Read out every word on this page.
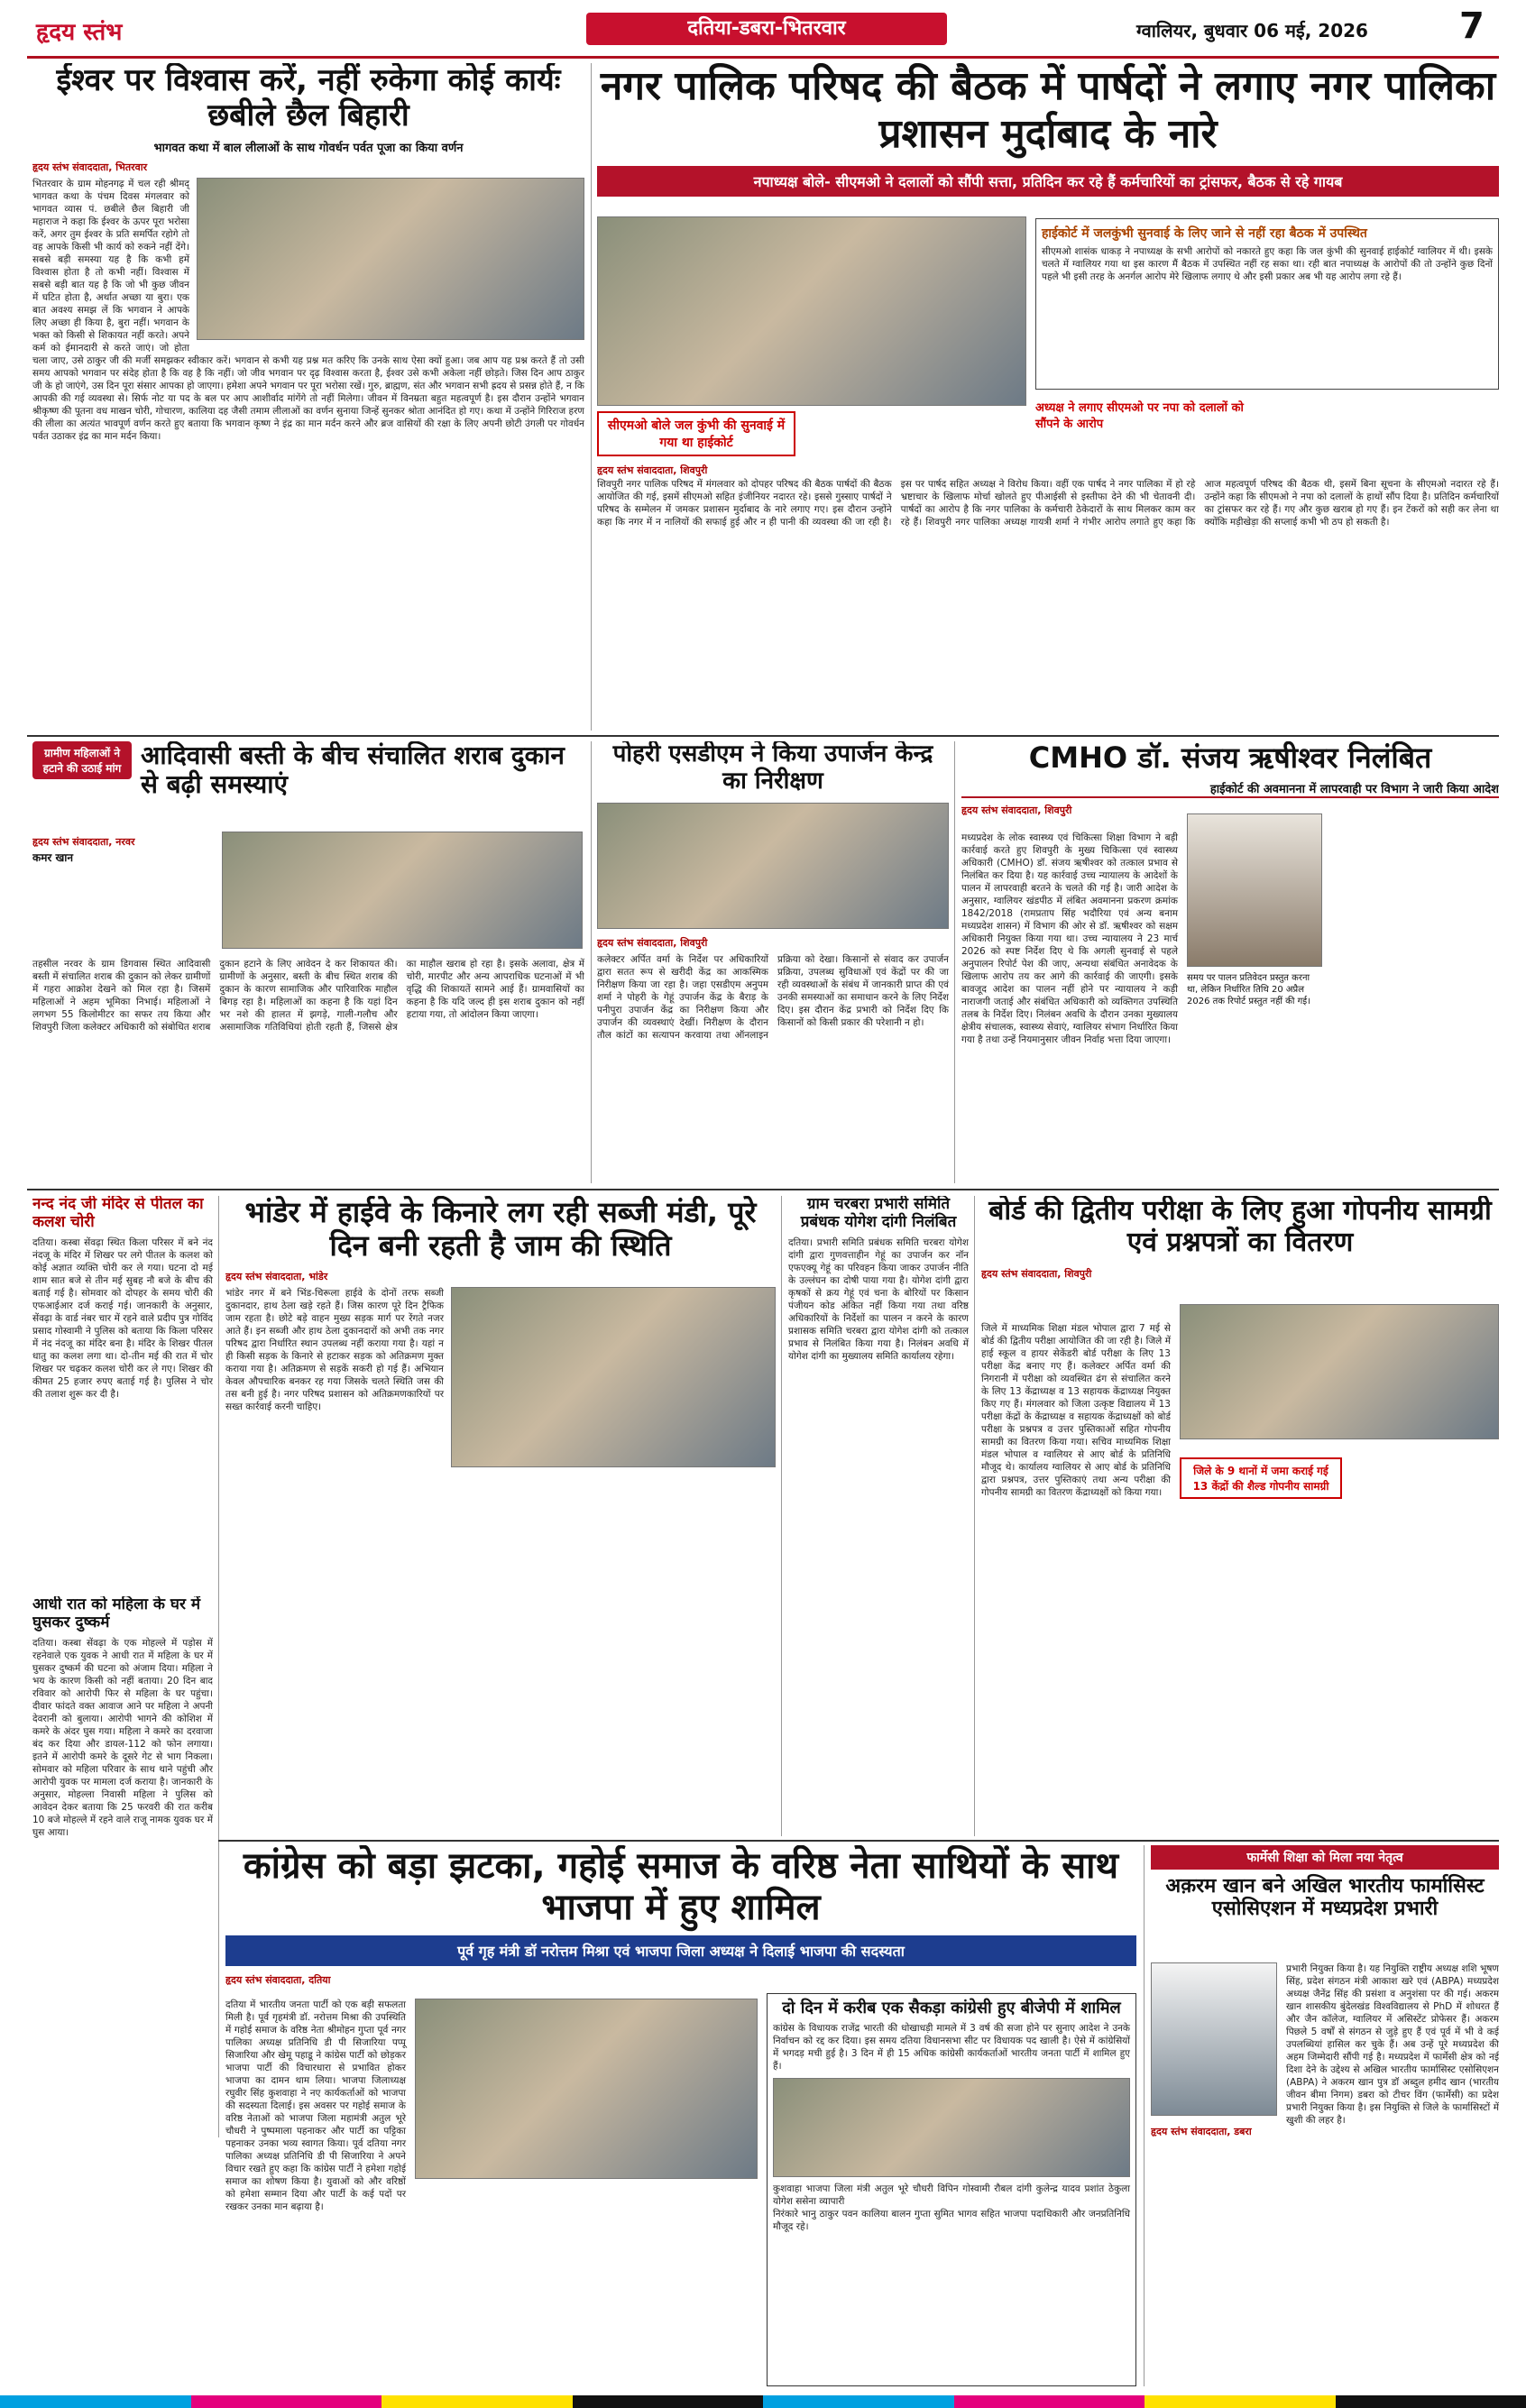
हृदय स्तंभ	दतिया-डबरा-भितरवार	ग्वालियर, बुधवार 06 मई, 2026	7
ईश्वर पर विश्वास करें, नहीं रुकेगा कोई कार्यः छबीले छैल बिहारी
भागवत कथा में बाल लीलाओं के साथ गोवर्धन पर्वत पूजा का किया वर्णन
हृदय स्तंभ संवाददाता, भितरवार
भितरवार के ग्राम मोहनगढ़ में चल रही श्रीमद् भागवत कथा के पंचम दिवस मंगलवार को भागवत व्यास पं. छबीले छैल बिहारी जी महाराज ने कहा कि ईश्वर के ऊपर पूरा भरोसा करें, अगर तुम ईश्वर के प्रति समर्पित रहोगे तो वह आपके किसी भी कार्य को रुकने नहीं देंगे। सबसे बड़ी समस्या यह है कि कभी हमें विश्वास होता है तो कभी नहीं। विश्वास में सबसे बड़ी बात यह है कि जो भी कुछ जीवन में घटित होता है, अर्थात अच्छा या बुरा। एक बात अवश्य समझ लें कि भगवान ने आपके लिए अच्छा ही किया है, बुरा नहीं। भगवान के भक्त को किसी से शिकायत नहीं करते। अपने कर्म को ईमानदारी से करते जाएं। जो होता चला जाए, उसे ठाकुर जी की मर्जी समझकर स्वीकार करें। भगवान से कभी यह प्रश्न मत करिए कि उनके साथ ऐसा क्यों हुआ। जब आप यह प्रश्न करते हैं तो उसी समय आपको भगवान पर संदेह होता है कि वह है कि नहीं। जो जीव भगवान पर दृढ़ विश्वास करता है, ईश्वर उसे कभी अकेला नहीं छोड़ते। जिस दिन आप ठाकुर जी के हो जाएंगे, उस दिन पूरा संसार आपका हो जाएगा। हमेशा अपने भगवान पर पूरा भरोसा रखें। गुरु, ब्राह्मण, संत और भगवान सभी ह्रदय से प्रसन्न होते हैं, न कि आपकी की गई व्यवस्था से। सिर्फ नोट या पद के बल पर आप आशीर्वाद मांगेंगे तो नहीं मिलेगा। जीवन में विनम्रता बहुत महत्वपूर्ण है। इस दौरान उन्होंने भगवान श्रीकृष्ण की पूतना वध माखन चोरी, गोचारण, कालिया दह जैसी तमाम लीलाओं का वर्णन सुनाया जिन्हें सुनकर श्रोता आनंदित हो गए। कथा में उन्होंने गिरिराज हरण की लीला का अत्यंत भावपूर्ण वर्णन करते हुए बताया कि भगवान कृष्ण ने इंद्र का मान मर्दन करने और ब्रज वासियों की रक्षा के लिए अपनी छोटी उंगली पर गोवर्धन पर्वत उठाकर इंद्र का मान मर्दन किया।
नगर पालिक परिषद की बैठक में पार्षदों ने लगाए नगर पालिका प्रशासन मुर्दाबाद के नारे
नपाध्यक्ष बोले- सीएमओ ने दलालों को सौंपी सत्ता, प्रतिदिन कर रहे हैं कर्मचारियों का ट्रांसफर, बैठक से रहे गायब
सीएमओ बोले जल कुंभी की सुनवाई में गया था हाईकोर्ट
हाईकोर्ट में जलकुंभी सुनवाई के लिए जाने से नहीं रहा बैठक में उपस्थित
सीएमओ शासंक धाकड़ ने नपाध्यक्ष के सभी आरोपों को नकारते हुए कहा कि जल कुंभी की सुनवाई हाईकोर्ट ग्वालियर में थी। इसके चलते में ग्वालियर गया था इस कारण मैं बैठक में उपस्थित नहीं रह सका था। रही बात नपाध्यक्ष के आरोपों की तो उन्होंने कुछ दिनों पहले भी इसी तरह के अनर्गल आरोप मेरे खिलाफ लगाए थे और इसी प्रकार अब भी यह आरोप लगा रहे हैं।
अध्यक्ष ने लगाए सीएमओ पर नपा को दलालों को सौंपने के आरोप
हृदय स्तंभ संवाददाता, शिवपुरी
शिवपुरी नगर पालिक परिषद में मंगलवार को दोपहर परिषद की बैठक पार्षदों की बैठक आयोजित की गई, इसमें सीएमओ सहित इंजीनियर नदारत रहे। इससे गुस्साए पार्षदों ने परिषद के सम्मेलन में जमकर प्रशासन मुर्दाबाद के नारे लगाए गए। इस दौरान उन्होंने कहा कि नगर में न नालियों की सफाई हुई और न ही पानी की व्यवस्था की जा रही है। इस पर पार्षद सहित अध्यक्ष ने विरोध किया। वहीं एक पार्षद ने नगर पालिका में हो रहे भ्रष्टाचार के खिलाफ मोर्चा खोलते हुए पीआईसी से इस्तीफा देने की भी चेतावनी दी। पार्षदों का आरोप है कि नगर पालिका के कर्मचारी ठेकेदारों के साथ मिलकर काम कर रहे हैं। शिवपुरी नगर पालिका अध्यक्ष गायत्री शर्मा ने गंभीर आरोप लगाते हुए कहा कि आज महत्वपूर्ण परिषद की बैठक थी, इसमें बिना सूचना के सीएमओ नदारत रहे हैं। उन्होंने कहा कि सीएमओ ने नपा को दलालों के हाथों सौंप दिया है। प्रतिदिन कर्मचारियों का ट्रांसफर कर रहे हैं। गए और कुछ खराब हो गए हैं। इन टेंकरों को सही कर लेना था क्योंकि मड़ीखेड़ा की सप्लाई कभी भी ठप हो सकती है।
ग्रामीण महिलाओं ने हटाने की उठाई मांग आदिवासी बस्ती के बीच संचालित शराब दुकान से बढ़ी समस्याएं
हृदय स्तंभ संवाददाता, नरवर
कमर खान
तहसील नरवर के ग्राम डिगवास स्थित आदिवासी बस्ती में संचालित शराब की दुकान को लेकर ग्रामीणों में गहरा आक्रोश देखने को मिल रहा है। जिसमें महिलाओं ने अहम भूमिका निभाई। महिलाओं ने लगभग 55 किलोमीटर का सफर तय किया और शिवपुरी जिला कलेक्टर अधिकारी को संबोधित शराब दुकान हटाने के लिए आवेदन दे कर शिकायत की। ग्रामीणों के अनुसार, बस्ती के बीच स्थित शराब की दुकान के कारण सामाजिक और पारिवारिक माहौल बिगड़ रहा है। महिलाओं का कहना है कि यहां दिन भर नशे की हालत में झगड़े, गाली-गलौच और असामाजिक गतिविधियां होती रहती हैं, जिससे क्षेत्र का माहौल खराब हो रहा है। इसके अलावा, क्षेत्र में चोरी, मारपीट और अन्य आपराधिक घटनाओं में भी वृद्धि की शिकायतें सामने आई हैं। ग्रामवासियों का कहना है कि यदि जल्द ही इस शराब दुकान को नहीं हटाया गया, तो आंदोलन किया जाएगा।
पोहरी एसडीएम ने किया उपार्जन केन्द्र का निरीक्षण
हृदय स्तंभ संवाददाता, शिवपुरी
कलेक्टर अर्पित वर्मा के निर्देश पर अधिकारियों द्वारा सतत रूप से खरीदी केंद्र का आकस्मिक निरीक्षण किया जा रहा है। जहा एसडीएम अनुपम शर्मा ने पोहरी के गेहूं उपार्जन केंद्र के बैराड़ के पनीपुरा उपार्जन केंद्र का निरीक्षण किया और उपार्जन की व्यवस्थाएं देखीं। निरीक्षण के दौरान तौल कांटों का सत्यापन करवाया तथा ऑनलाइन प्रक्रिया को देखा। किसानों से संवाद कर उपार्जन प्रक्रिया, उपलब्ध सुविधाओं एवं केंद्रों पर की जा रही व्यवस्थाओं के संबंध में जानकारी प्राप्त की एवं उनकी समस्याओं का समाधान करने के लिए निर्देश दिए। इस दौरान केंद्र प्रभारी को निर्देश दिए कि किसानों को किसी प्रकार की परेशानी न हो।
CMHO डॉ. संजय ऋषीश्वर निलंबित
हाईकोर्ट की अवमानना में लापरवाही पर विभाग ने जारी किया आदेश
हृदय स्तंभ संवाददाता, शिवपुरी
समय पर पालन प्रतिवेदन प्रस्तुत करना था, लेकिन निर्धारित तिथि 20 अप्रैल 2026 तक रिपोर्ट प्रस्तुत नहीं की गई।
मध्यप्रदेश के लोक स्वास्थ्य एवं चिकित्सा शिक्षा विभाग ने बड़ी कार्रवाई करते हुए शिवपुरी के मुख्य चिकित्सा एवं स्वास्थ्य अधिकारी (CMHO) डॉ. संजय ऋषीश्वर को तत्काल प्रभाव से निलंबित कर दिया है। यह कार्रवाई उच्च न्यायालय के आदेशों के पालन में लापरवाही बरतने के चलते की गई है। जारी आदेश के अनुसार, ग्वालियर खंडपीठ में लंबित अवमानना प्रकरण क्रमांक 1842/2018 (रामप्रताप सिंह भदौरिया एवं अन्य बनाम मध्यप्रदेश शासन) में विभाग की ओर से डॉ. ऋषीश्वर को सक्षम अधिकारी नियुक्त किया गया था। उच्च न्यायालय ने 23 मार्च 2026 को स्पष्ट निर्देश दिए थे कि अगली सुनवाई से पहले अनुपालन रिपोर्ट पेश की जाए, अन्यथा संबंधित अनावेदक के खिलाफ आरोप तय कर आगे की कार्रवाई की जाएगी। इसके बावजूद आदेश का पालन नहीं होने पर न्यायालय ने कड़ी नाराजगी जताई और संबंधित अधिकारी को व्यक्तिगत उपस्थिति तलब के निर्देश दिए। निलंबन अवधि के दौरान उनका मुख्यालय क्षेत्रीय संचालक, स्वास्थ्य सेवाएं, ग्वालियर संभाग निर्धारित किया गया है तथा उन्हें नियमानुसार जीवन निर्वाह भत्ता दिया जाएगा।
नन्द नंद जी मंदिर से पीतल का कलश चोरी
दतिया। कस्बा सेंवढ़ा स्थित किला परिसर में बने नंद नंदजू के मंदिर में शिखर पर लगे पीतल के कलश को कोई अज्ञात व्यक्ति चोरी कर ले गया। घटना दो मई शाम सात बजे से तीन मई सुबह नौ बजे के बीच की बताई गई है। सोमवार को दोपहर के समय चोरी की एफआईआर दर्ज कराई गई। जानकारी के अनुसार, सेंवढ़ा के वार्ड नंबर चार में रहने वाले प्रदीप पुत्र गोविंद प्रसाद गोस्वामी ने पुलिस को बताया कि किला परिसर में नंद नंदजू का मंदिर बना है। मंदिर के शिखर पीतल धातु का कलश लगा था। दो-तीन मई की रात में चोर शिखर पर चढ़कर कलश चोरी कर ले गए। शिखर की कीमत 25 हजार रुपए बताई गई है। पुलिस ने चोर की तलाश शुरू कर दी है।
आधी रात को महिला के घर में घुसकर दुष्कर्म
दतिया। कस्बा सेंवढ़ा के एक मोहल्ले में पड़ोस में रहनेवाले एक युवक ने आधी रात में महिला के घर में घुसकर दुष्कर्म की घटना को अंजाम दिया। महिला ने भय के कारण किसी को नहीं बताया। 20 दिन बाद रविवार को आरोपी फिर से महिला के घर पहुंचा। दीवार फांदते वक्त आवाज आने पर महिला ने अपनी देवरानी को बुलाया। आरोपी भागने की कोशिश में कमरे के अंदर घुस गया। महिला ने कमरे का दरवाजा बंद कर दिया और डायल-112 को फोन लगाया। इतने में आरोपी कमरे के दूसरे गेट से भाग निकला। सोमवार को महिला परिवार के साथ थाने पहुंची और आरोपी युवक पर मामला दर्ज कराया है। जानकारी के अनुसार, मोहल्ला निवासी महिला ने पुलिस को आवेदन देकर बताया कि 25 फरवरी की रात करीब 10 बजे मोहल्ले में रहने वाले राजू नामक युवक घर में घुस आया।
भांडेर में हाईवे के किनारे लग रही सब्जी मंडी, पूरे दिन बनी रहती है जाम की स्थिति
हृदय स्तंभ संवाददाता, भांडेर
भांडेर नगर में बने भिंड-चिरूला हाईवे के दोनों तरफ सब्जी दुकानदार, हाथ ठेला खड़े रहते हैं। जिस कारण पूरे दिन ट्रैफिक जाम रहता है। छोटे बड़े वाहन मुख्य सड़क मार्ग पर रेंगते नजर आते हैं। इन सब्जी और हाथ ठेला दुकानदारों को अभी तक नगर परिषद द्वारा निर्धारित स्थान उपलब्ध नहीं कराया गया है। यहां न ही किसी सड़क के किनारे से हटाकर सड़क को अतिक्रमण मुक्त कराया गया है। अतिक्रमण से सड़कें सकरी हो गई हैं। अभियान केवल औपचारिक बनकर रह गया जिसके चलते स्थिति जस की तस बनी हुई है। नगर परिषद प्रशासन को अतिक्रमणकारियों पर सख्त कार्रवाई करनी चाहिए।
ग्राम चरबरा प्रभारी समिति प्रबंधक योगेश दांगी निलंबित
दतिया। प्रभारी समिति प्रबंधक समिति चरबरा योगेश दांगी द्वारा गुणवत्ताहीन गेहूं का उपार्जन कर नॉन एफएक्यू गेहूं का परिवहन किया जाकर उपार्जन नीति के उल्लंघन का दोषी पाया गया है। योगेश दांगी द्वारा कृषकों से क्रय गेहूं एवं चना के बोरियों पर किसान पंजीयन कोड अंकित नहीं किया गया तथा वरिष्ठ अधिकारियों के निर्देशों का पालन न करने के कारण प्रशासक समिति चरबरा द्वारा योगेश दांगी को तत्काल प्रभाव से निलंबित किया गया है। निलंबन अवधि में योगेश दांगी का मुख्यालय समिति कार्यालय रहेगा।
बोर्ड की द्वितीय परीक्षा के लिए हुआ गोपनीय सामग्री एवं प्रश्नपत्रों का वितरण
हृदय स्तंभ संवाददाता, शिवपुरी
जिले के 9 थानों में जमा कराई गई 13 केंद्रों की शैल्ड गोपनीय सामग्री
जिले में माध्यमिक शिक्षा मंडल भोपाल द्वारा 7 मई से बोर्ड की द्वितीय परीक्षा आयोजित की जा रही है। जिले में हाई स्कूल व हायर सेकेंडरी बोर्ड परीक्षा के लिए 13 परीक्षा केंद्र बनाए गए हैं। कलेक्टर अर्पित वर्मा की निगरानी में परीक्षा को व्यवस्थित ढंग से संचालित करने के लिए 13 केंद्राध्यक्ष व 13 सहायक केंद्राध्यक्ष नियुक्त किए गए हैं। मंगलवार को जिला उत्कृष्ट विद्यालय में 13 परीक्षा केंद्रों के केंद्राध्यक्ष व सहायक केंद्राध्यक्षों को बोर्ड परीक्षा के प्रश्नपत्र व उत्तर पुस्तिकाओं सहित गोपनीय सामग्री का वितरण किया गया। सचिव माध्यमिक शिक्षा मंडल भोपाल व ग्वालियर से आए बोर्ड के प्रतिनिधि मौजूद थे। कार्यालय ग्वालियर से आए बोर्ड के प्रतिनिधि द्वारा प्रश्नपत्र, उत्तर पुस्तिकाएं तथा अन्य परीक्षा की गोपनीय सामग्री का वितरण केंद्राध्यक्षों को किया गया।
कांग्रेस को बड़ा झटका, गहोई समाज के वरिष्ठ नेता साथियों के साथ भाजपा में हुए शामिल
पूर्व गृह मंत्री डॉ नरोत्तम मिश्रा एवं भाजपा जिला अध्यक्ष ने दिलाई भाजपा की सदस्यता
हृदय स्तंभ संवाददाता, दतिया
दतिया में भारतीय जनता पार्टी को एक बड़ी सफलता मिली है। पूर्व गृहमंत्री डॉ. नरोत्तम मिश्रा की उपस्थिति में गहोई समाज के वरिष्ठ नेता श्रीमोहन गुप्ता पूर्व नगर पालिका अध्यक्ष प्रतिनिधि डी पी सिजारिया पप्पू सिजारिया और खेमू पहाडू ने कांग्रेस पार्टी को छोड़कर भाजपा पार्टी की विचारधारा से प्रभावित होकर भाजपा का दामन थाम लिया। भाजपा जिलाध्यक्ष रघुवीर सिंह कुशवाहा ने नए कार्यकर्ताओं को भाजपा की सदस्यता दिलाई। इस अवसर पर गहोई समाज के वरिष्ठ नेताओं को भाजपा जिला महामंत्री अतुल भूरे चौधरी ने पुष्पमाला पहनाकर और पार्टी का पट्टिका पहनाकर उनका भव्य स्वागत किया। पूर्व दतिया नगर पालिका अध्यक्ष प्रतिनिधि डी पी सिजारिया ने अपने विचार रखते हुए कहा कि कांग्रेस पार्टी ने हमेशा गहोई समाज का शोषण किया है। युवाओं को और वरिष्ठों को हमेशा सम्मान दिया और पार्टी के कई पदों पर रखकर उनका मान बढ़ाया है।
दो दिन में करीब एक सैकड़ा कांग्रेसी हुए बीजेपी में शामिल
कांग्रेस के विधायक राजेंद्र भारती की धोखाधड़ी मामले में 3 वर्ष की सजा होने पर सुनाए आदेश ने उनके निर्वाचन को रद्द कर दिया। इस समय दतिया विधानसभा सीट पर विधायक पद खाली है। ऐसे में कांग्रेसियों में भगदड़ मची हुई है। 3 दिन में ही 15 अधिक कांग्रेसी कार्यकर्ताओं भारतीय जनता पार्टी में शामिल हुए हैं।
कुशवाहा भाजपा जिला मंत्री अतुल भूरे चौधरी विपिन गोस्वामी रौबल दांगी कुलेन्द्र यादव प्रशांत ठेकुला योगेश ससेना व्यापारी
निरंकारे भानु ठाकुर पवन कालिया बालन गुप्ता सुमित भागव सहित भाजपा पदाधिकारी और जनप्रतिनिधि मौजूद रहे।
फार्मेसी शिक्षा को मिला नया नेतृत्व
अक़रम खान बने अखिल भारतीय फार्मासिस्ट एसोसिएशन में मध्यप्रदेश प्रभारी
हृदय स्तंभ संवाददाता, डबरा
प्रभारी नियुक्त किया है। यह नियुक्ति राष्ट्रीय अध्यक्ष शशि भूषण सिंह, प्रदेश संगठन मंत्री आकाश खरे एवं (ABPA) मध्यप्रदेश अध्यक्ष जैनेंद्र सिंह की प्रसंशा व अनुशंसा पर की गई। अकरम खान शासकीय बुंदेलखंड विश्वविद्यालय से PhD में शोधरत हैं और जैन कॉलेज, ग्वालियर में असिस्टेंट प्रोफेसर हैं। अकरम पिछले 5 वर्षों से संगठन से जुड़े हुए हैं एवं पूर्व में भी वे कई उपलब्धियां हासिल कर चुके हैं। अब उन्हें पूरे मध्यप्रदेश की अहम जिम्मेदारी सौंपी गई है। मध्यप्रदेश में फार्मेसी क्षेत्र को नई दिशा देने के उद्देश्य से अखिल भारतीय फार्मासिस्ट एसोसिएशन (ABPA) ने अकरम खान पुत्र डॉ अब्दुल हमीद खान (भारतीय जीवन बीमा निगम) डबरा को टीचर विंग (फार्मेसी) का प्रदेश प्रभारी नियुक्त किया है। इस नियुक्ति से जिले के फार्मासिस्टों में खुशी की लहर है।
